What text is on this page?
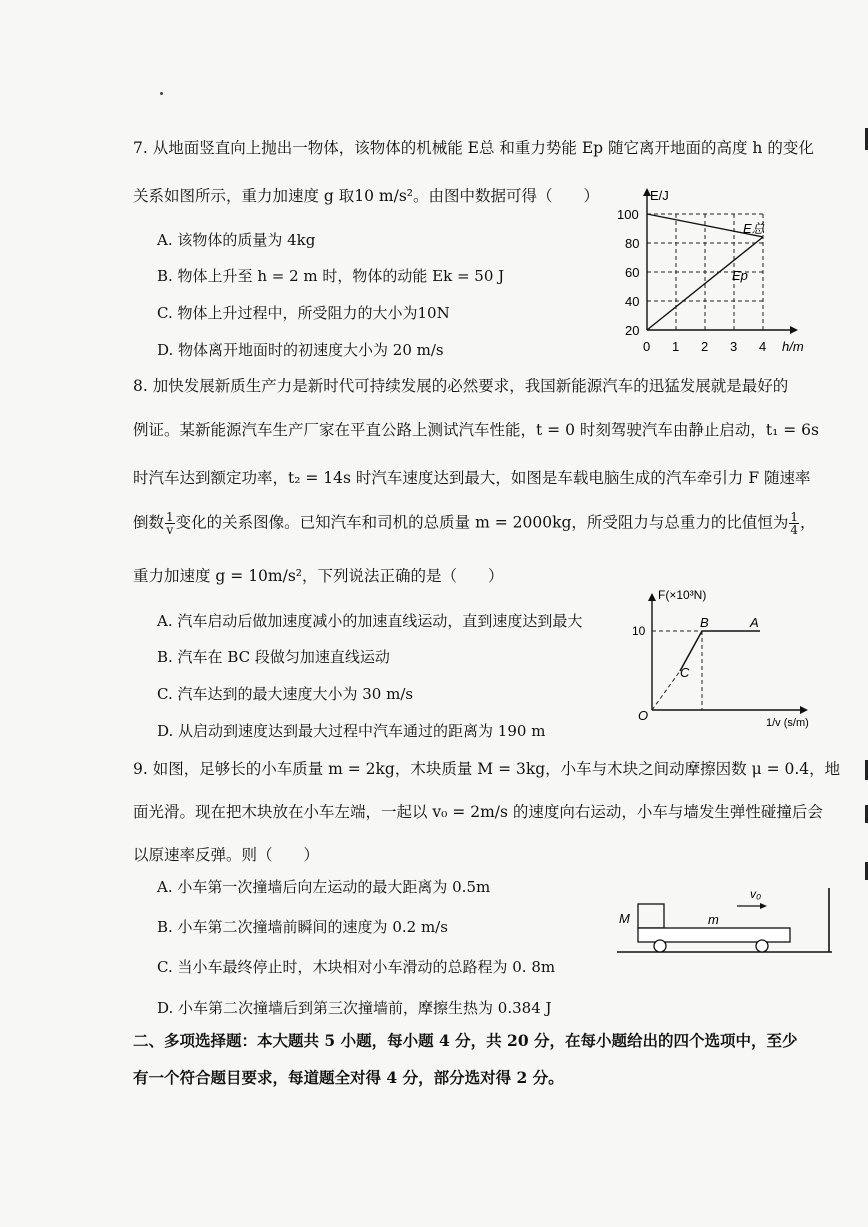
7. 从地面竖直向上抛出一物体，该物体的机械能 E总 和重力势能 Ep 随它离开地面的高度 h 的变化
关系如图所示，重力加速度 g 取10 m/s²。由图中数据可得（　　）
A. 该物体的质量为 4kg
B. 物体上升至 h = 2 m 时，物体的动能 Ek = 50 J
C. 物体上升过程中，所受阻力的大小为10N
D. 物体离开地面时的初速度大小为 20 m/s
E/J
100
80
60
40
20
0 1 2 3 4 h/m
E总
Ep
8. 加快发展新质生产力是新时代可持续发展的必然要求，我国新能源汽车的迅猛发展就是最好的
例证。某新能源汽车生产厂家在平直公路上测试汽车性能，t = 0 时刻驾驶汽车由静止启动，t₁ = 6s
时汽车达到额定功率，t₂ = 14s 时汽车速度达到最大，如图是车载电脑生成的汽车牵引力 F 随速率
倒数 $\frac{1}{v}$ 变化的关系图像。已知汽车和司机的总质量 m = 2000kg，所受阻力与总重力的比值恒为 $\frac{1}{4}$ ，
重力加速度 g = 10m/s²，下列说法正确的是（　　）
A. 汽车启动后做加速度减小的加速直线运动，直到速度达到最大
B. 汽车在 BC 段做匀加速直线运动
C. 汽车达到的最大速度大小为 30 m/s
D. 从启动到速度达到最大过程中汽车通过的距离为 190 m
F(×10³N)
10
B	A
C
O	1/v (s/m)
9. 如图，足够长的小车质量 m = 2kg，木块质量 M = 3kg，小车与木块之间动摩擦因数 μ = 0.4，地
面光滑。现在把木块放在小车左端，一起以 v₀ = 2m/s 的速度向右运动，小车与墙发生弹性碰撞后会
以原速率反弹。则（　　）
A. 小车第一次撞墙后向左运动的最大距离为 0.5m
B. 小车第二次撞墙前瞬间的速度为 0.2 m/s
C. 当小车最终停止时，木块相对小车滑动的总路程为 0. 8m
D. 小车第二次撞墙后到第三次撞墙前，摩擦生热为 0.384 J
M	m
v₀
二、多项选择题：本大题共 5 小题，每小题 4 分，共 20 分，在每小题给出的四个选项中，至少
有一个符合题目要求，每道题全对得 4 分，部分选对得 2 分。
